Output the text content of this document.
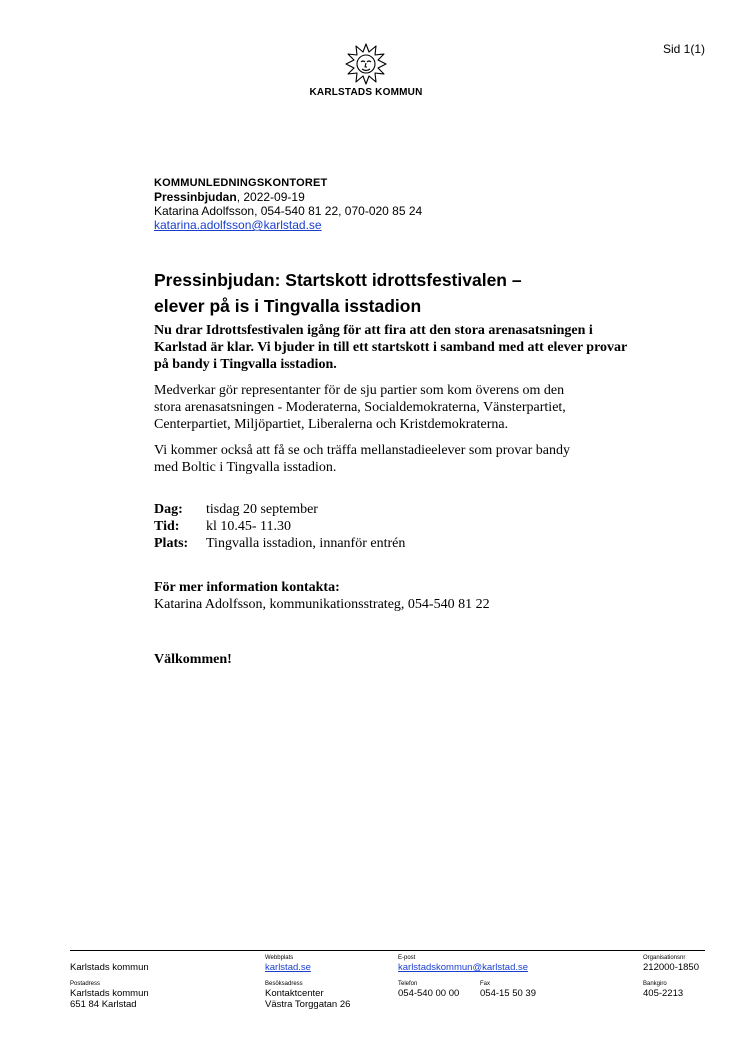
Sid 1(1)
KARLSTADS KOMMUN
KOMMUNLEDNINGSKONTORET
Pressinbjudan, 2022-09-19
Katarina Adolfsson, 054-540 81 22, 070-020 85 24
katarina.adolfsson@karlstad.se
Pressinbjudan: Startskott idrottsfestivalen –
elever på is i Tingvalla isstadion
Nu drar Idrottsfestivalen igång för att fira att den stora arenasatsningen i Karlstad är klar. Vi bjuder in till ett startskott i samband med att elever provar på bandy i Tingvalla isstadion.
Medverkar gör representanter för de sju partier som kom överens om den
stora arenasatsningen - Moderaterna, Socialdemokraterna, Vänsterpartiet,
Centerpartiet, Miljöpartiet, Liberalerna och Kristdemokraterna.
Vi kommer också att få se och träffa mellanstadieelever som provar bandy
med Boltic i Tingvalla isstadion.
Dag:	tisdag 20 september
Tid:	kl 10.45- 11.30
Plats:	Tingvalla isstadion, innanför entrén
För mer information kontakta:
Katarina Adolfsson, kommunikationsstrateg, 054-540 81 22
Välkommen!
Karlstads kommun
Postadress
Karlstads kommun
651 84 Karlstad
Webbplats
karlstad.se
Besöksadress
Kontaktcenter
Västra Torggatan 26
E-post
karlstadskommun@karlstad.se
Telefon
054-540 00 00
Fax
054-15 50 39
Organisationsnr
212000-1850
Bankgiro
405-2213
